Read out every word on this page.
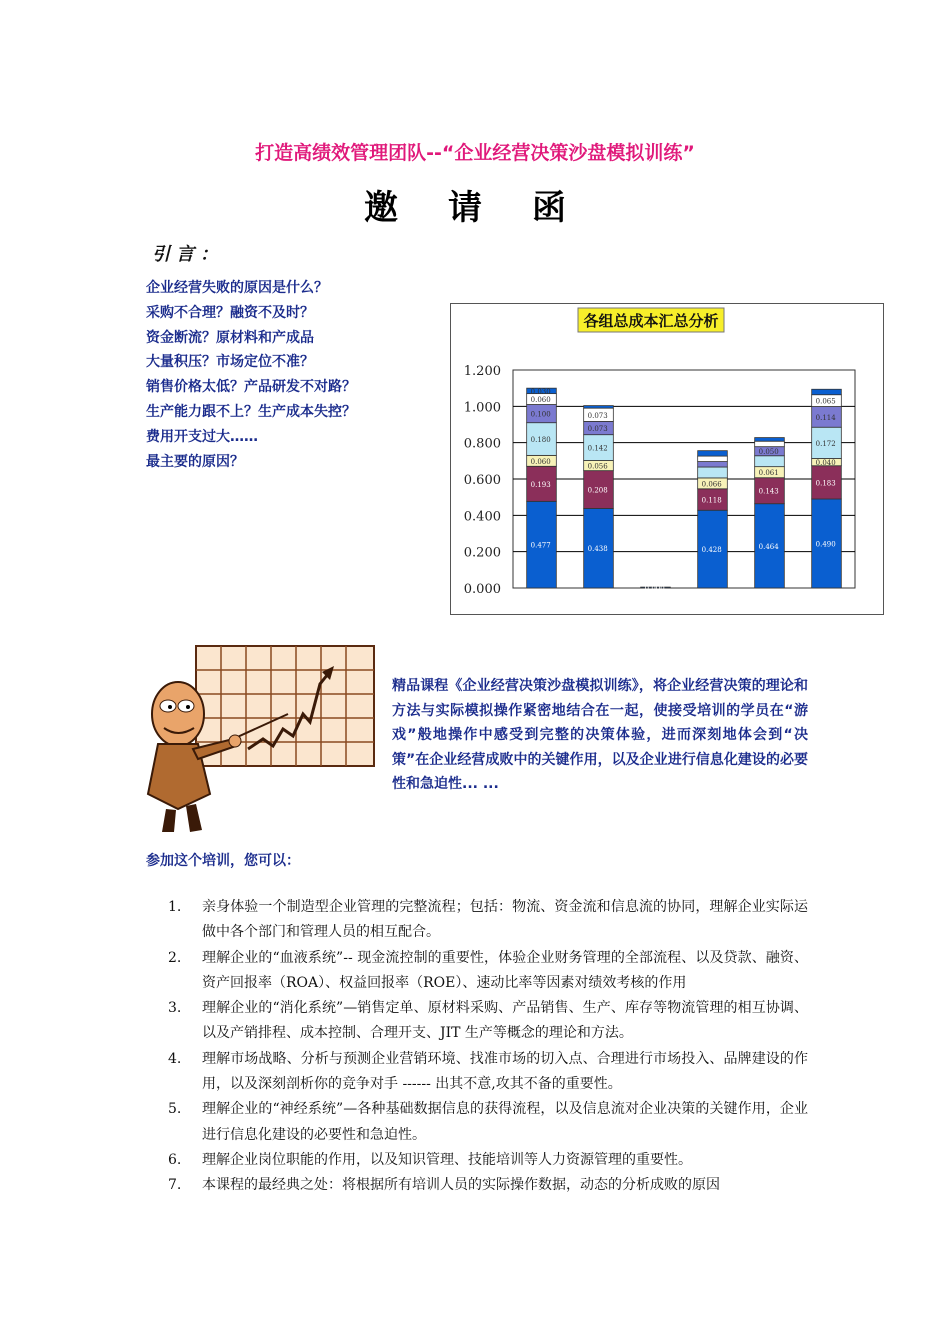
打造高绩效管理团队--“企业经营决策沙盘模拟训练”
邀请函
引言：
企业经营失败的原因是什么？
采购不合理？融资不及时？
资金断流？原材料和产成品
大量积压？市场定位不准？
销售价格太低？产品研发不对路？
生产能力跟不上？生产成本失控？
费用开支过大……
最主要的原因？
各组总成本汇总分析
0.000
0.200
0.400
0.600
0.800
1.000
1.200
0.477
0.193
0.060
0.180
0.100
0.060
0.030
0.438
0.208
0.056
0.142
0.073
0.073
0.000
0.428
0.118
0.066
0.464
0.143
0.061
0.050
0.490
0.183
0.040
0.172
0.114
0.065
精品课程《企业经营决策沙盘模拟训练》，将企业经营决策的理论和方法与实际模拟操作紧密地结合在一起，使接受培训的学员在“游戏”般地操作中感受到完整的决策体验，进而深刻地体会到“决策”在企业经营成败中的关键作用，以及企业进行信息化建设的必要性和急迫性... ...
参加这个培训，您可以：
1. 亲身体验一个制造型企业管理的完整流程；包括：物流、资金流和信息流的协同，理解企业实际运做中各个部门和管理人员的相互配合。
2. 理解企业的“血液系统”-- 现金流控制的重要性，体验企业财务管理的全部流程、以及贷款、融资、资产回报率（ROA）、权益回报率（ROE）、速动比率等因素对绩效考核的作用
3. 理解企业的“消化系统”—销售定单、原材料采购、产品销售、生产、库存等物流管理的相互协调、以及产销排程、成本控制、合理开支、JIT 生产等概念的理论和方法。
4. 理解市场战略、分析与预测企业营销环境、找准市场的切入点、合理进行市场投入、品牌建设的作用，以及深刻剖析你的竞争对手 ------ 出其不意,攻其不备的重要性。
5. 理解企业的“神经系统”—各种基础数据信息的获得流程，以及信息流对企业决策的关键作用，企业进行信息化建设的必要性和急迫性。
6. 理解企业岗位职能的作用，以及知识管理、技能培训等人力资源管理的重要性。
7. 本课程的最经典之处：将根据所有培训人员的实际操作数据，动态的分析成败的原因
